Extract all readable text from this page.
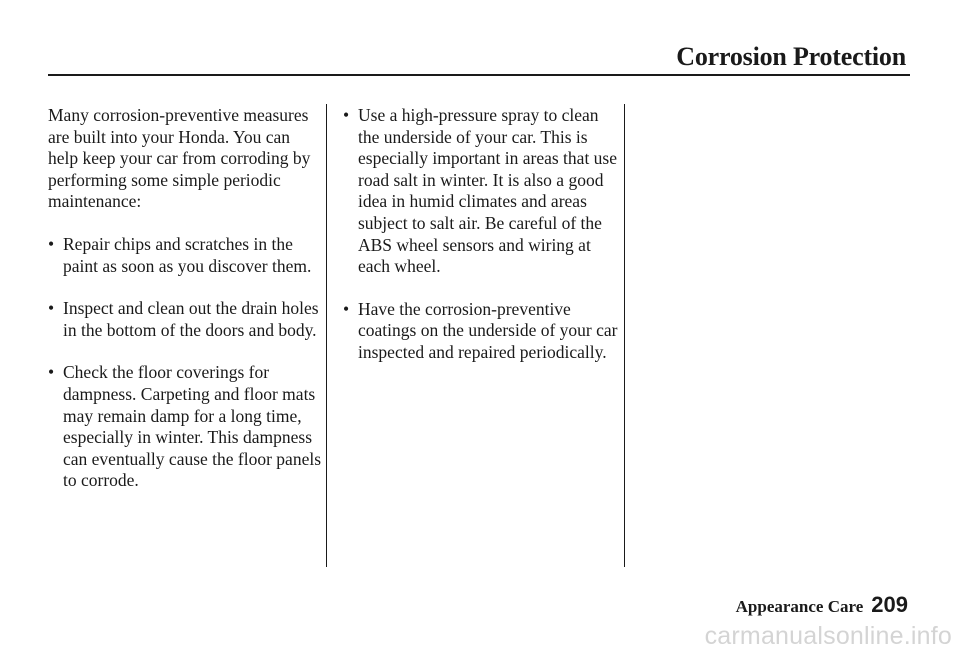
Corrosion Protection

Many corrosion-preventive measures are built into your Honda. You can help keep your car from corroding by performing some simple periodic maintenance:

• Repair chips and scratches in the paint as soon as you discover them.

• Inspect and clean out the drain holes in the bottom of the doors and body.

• Check the floor coverings for dampness. Carpeting and floor mats may remain damp for a long time, especially in winter. This dampness can eventually cause the floor panels to corrode.

• Use a high-pressure spray to clean the underside of your car. This is especially important in areas that use road salt in winter. It is also a good idea in humid climates and areas subject to salt air. Be careful of the ABS wheel sensors and wiring at each wheel.

• Have the corrosion-preventive coatings on the underside of your car inspected and repaired periodically.

Appearance Care 209
carmanualsonline.info
